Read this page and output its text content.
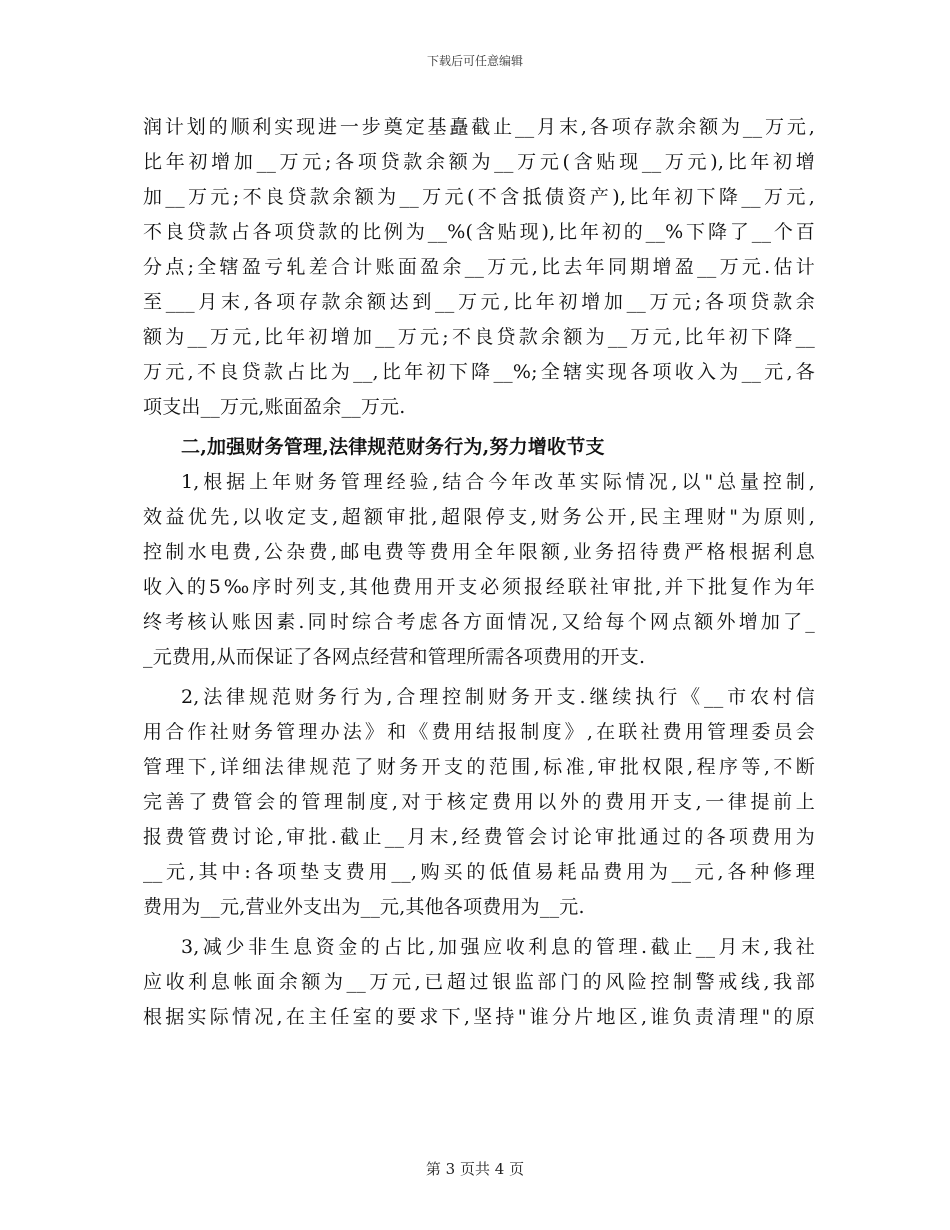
下载后可任意编辑
润计划的顺利实现进一步奠定基矗截止__月末,各项存款余额为__万元,
比年初增加__万元;各项贷款余额为__万元(含贴现__万元),比年初增
加__万元;不良贷款余额为__万元(不含抵债资产),比年初下降__万元,
不良贷款占各项贷款的比例为__%(含贴现),比年初的__%下降了__个百
分点;全辖盈亏轧差合计账面盈余__万元,比去年同期增盈__万元.估计
至___月末,各项存款余额达到__万元,比年初增加__万元;各项贷款余
额为__万元,比年初增加__万元;不良贷款余额为__万元,比年初下降__
万元,不良贷款占比为__,比年初下降__%;全辖实现各项收入为__元,各
项支出__万元,账面盈余__万元.
二,加强财务管理,法律规范财务行为,努力增收节支
1,根据上年财务管理经验,结合今年改革实际情况,以"总量控制,
效益优先,以收定支,超额审批,超限停支,财务公开,民主理财"为原则,
控制水电费,公杂费,邮电费等费用全年限额,业务招待费严格根据利息
收入的5‰序时列支,其他费用开支必须报经联社审批,并下批复作为年
终考核认账因素.同时综合考虑各方面情况,又给每个网点额外增加了_
_元费用,从而保证了各网点经营和管理所需各项费用的开支.
2,法律规范财务行为,合理控制财务开支.继续执行《__市农村信
用合作社财务管理办法》和《费用结报制度》,在联社费用管理委员会
管理下,详细法律规范了财务开支的范围,标准,审批权限,程序等,不断
完善了费管会的管理制度,对于核定费用以外的费用开支,一律提前上
报费管费讨论,审批.截止__月末,经费管会讨论审批通过的各项费用为
__元,其中:各项垫支费用__,购买的低值易耗品费用为__元,各种修理
费用为__元,营业外支出为__元,其他各项费用为__元.
3,减少非生息资金的占比,加强应收利息的管理.截止__月末,我社
应收利息帐面余额为__万元,已超过银监部门的风险控制警戒线,我部
根据实际情况,在主任室的要求下,坚持"谁分片地区,谁负责清理"的原
第 3 页共 4 页
